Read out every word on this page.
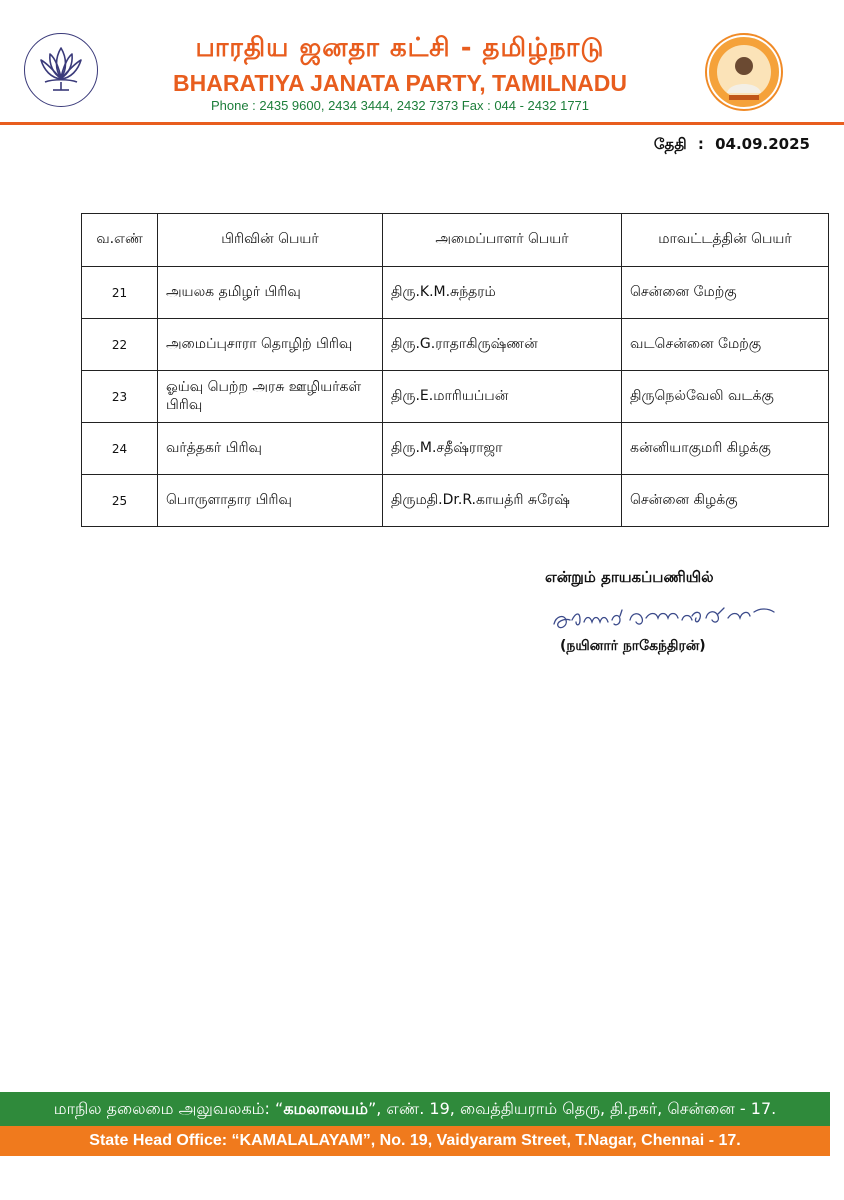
பாரதிய ஜனதா கட்சி - தமிழ்நாடு
BHARATIYA JANATA PARTY, TAMILNADU
Phone : 2435 9600, 2434 3444, 2432 7373 Fax : 044 - 2432 1771
தேதி : 04.09.2025
வ.எண்	பிரிவின் பெயர்	அமைப்பாளர் பெயர்	மாவட்டத்தின் பெயர்
21	அயலக தமிழர் பிரிவு	திரு.K.M.சுந்தரம்	சென்னை மேற்கு
22	அமைப்புசாரா தொழிற் பிரிவு	திரு.G.ராதாகிருஷ்ணன்	வடசென்னை மேற்கு
23	ஓய்வு பெற்ற அரசு ஊழியர்கள் பிரிவு	திரு.E.மாரியப்பன்	திருநெல்வேலி வடக்கு
24	வர்த்தகர் பிரிவு	திரு.M.சதீஷ்ராஜா	கன்னியாகுமரி கிழக்கு
25	பொருளாதார பிரிவு	திருமதி.Dr.R.காயத்ரி சுரேஷ்	சென்னை கிழக்கு
என்றும் தாயகப்பணியில்
(நயினார் நாகேந்திரன்)
மாநில தலைமை அலுவலகம்: “கமலாலயம்”, எண். 19, வைத்தியராம் தெரு, தி.நகர், சென்னை - 17.
State Head Office: “KAMALALAYAM”, No. 19, Vaidyaram Street, T.Nagar, Chennai - 17.
